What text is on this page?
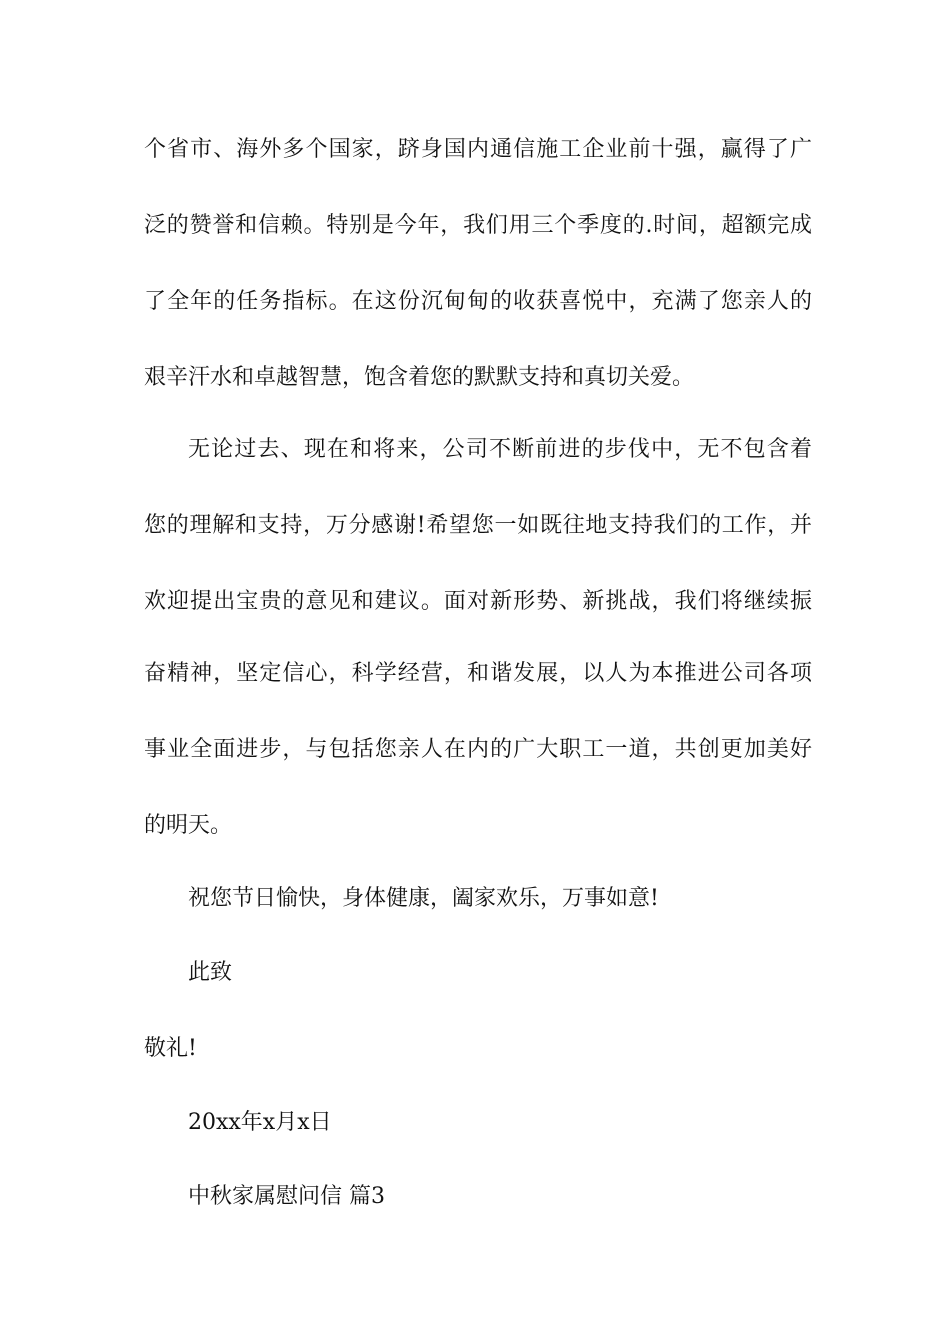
个省市、海外多个国家，跻身国内通信施工企业前十强，赢得了广
泛的赞誉和信赖。特别是今年，我们用三个季度的.时间，超额完成
了全年的任务指标。在这份沉甸甸的收获喜悦中，充满了您亲人的
艰辛汗水和卓越智慧，饱含着您的默默支持和真切关爱。
无论过去、现在和将来，公司不断前进的步伐中，无不包含着
您的理解和支持，万分感谢!希望您一如既往地支持我们的工作，并
欢迎提出宝贵的意见和建议。面对新形势、新挑战，我们将继续振
奋精神，坚定信心，科学经营，和谐发展，以人为本推进公司各项
事业全面进步，与包括您亲人在内的广大职工一道，共创更加美好
的明天。
祝您节日愉快，身体健康，阖家欢乐，万事如意!
此致
敬礼!
20xx年x月x日
中秋家属慰问信 篇3
